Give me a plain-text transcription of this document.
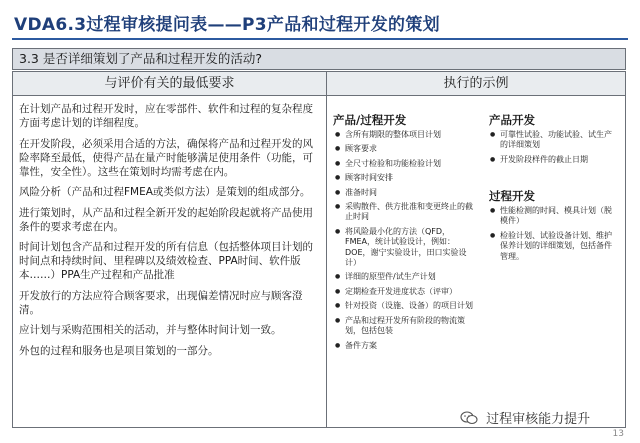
VDA6.3过程审核提问表——P3产品和过程开发的策划
3.3 是否详细策划了产品和过程开发的活动?
与评价有关的最低要求	执行的示例

在计划产品和过程开发时，应在零部件、软件和过程的复杂程度方面考虑计划的详细程度。

在开发阶段，必须采用合适的方法，确保将产品和过程开发的风险率降至最低，使得产品在量产时能够满足使用条件（功能，可靠性，安全性）。这些在策划时均需考虑在内。

风险分析（产品和过程FMEA或类似方法）是策划的组成部分。

进行策划时，从产品和过程全新开发的起始阶段起就将产品使用条件的要求考虑在内。

时间计划包含产品和过程开发的所有信息（包括整体项目计划的时间点和持续时间、里程碑以及绩效检查、PPA时间、软件版本……）PPA生产过程和产品批准

开发放行的方法应符合顾客要求，出现偏差情况时应与顾客澄清。

应计划与采购范围相关的活动，并与整体时间计划一致。

外包的过程和服务也是项目策划的一部分。

产品/过程开发
● 含所有期限的整体项目计划
● 顾客要求
● 全尺寸检验和功能检验计划
● 顾客时间安排
● 准备时间
● 采购散件、供方批准和变更终止的截止时间
● 将风险最小化的方法（QFD，FMEA，统计试验设计，例如：DOE，谢宁实验设计，田口实验设计）
● 详细的原型件/试生产计划
● 定期检查开发进度状态（评审）
● 针对投资（设施、设备）的项目计划
● 产品和过程开发所有阶段的物流策划，包括包装
● 备件方案
产品开发
● 可靠性试验、功能试验、试生产的详细策划
● 开发阶段样件的截止日期
过程开发
● 性能检测的时间、模具计划（脱模件）
● 检验计划、试验设备计划、维护保养计划的详细策划，包括备件管理。
过程审核能力提升
13
